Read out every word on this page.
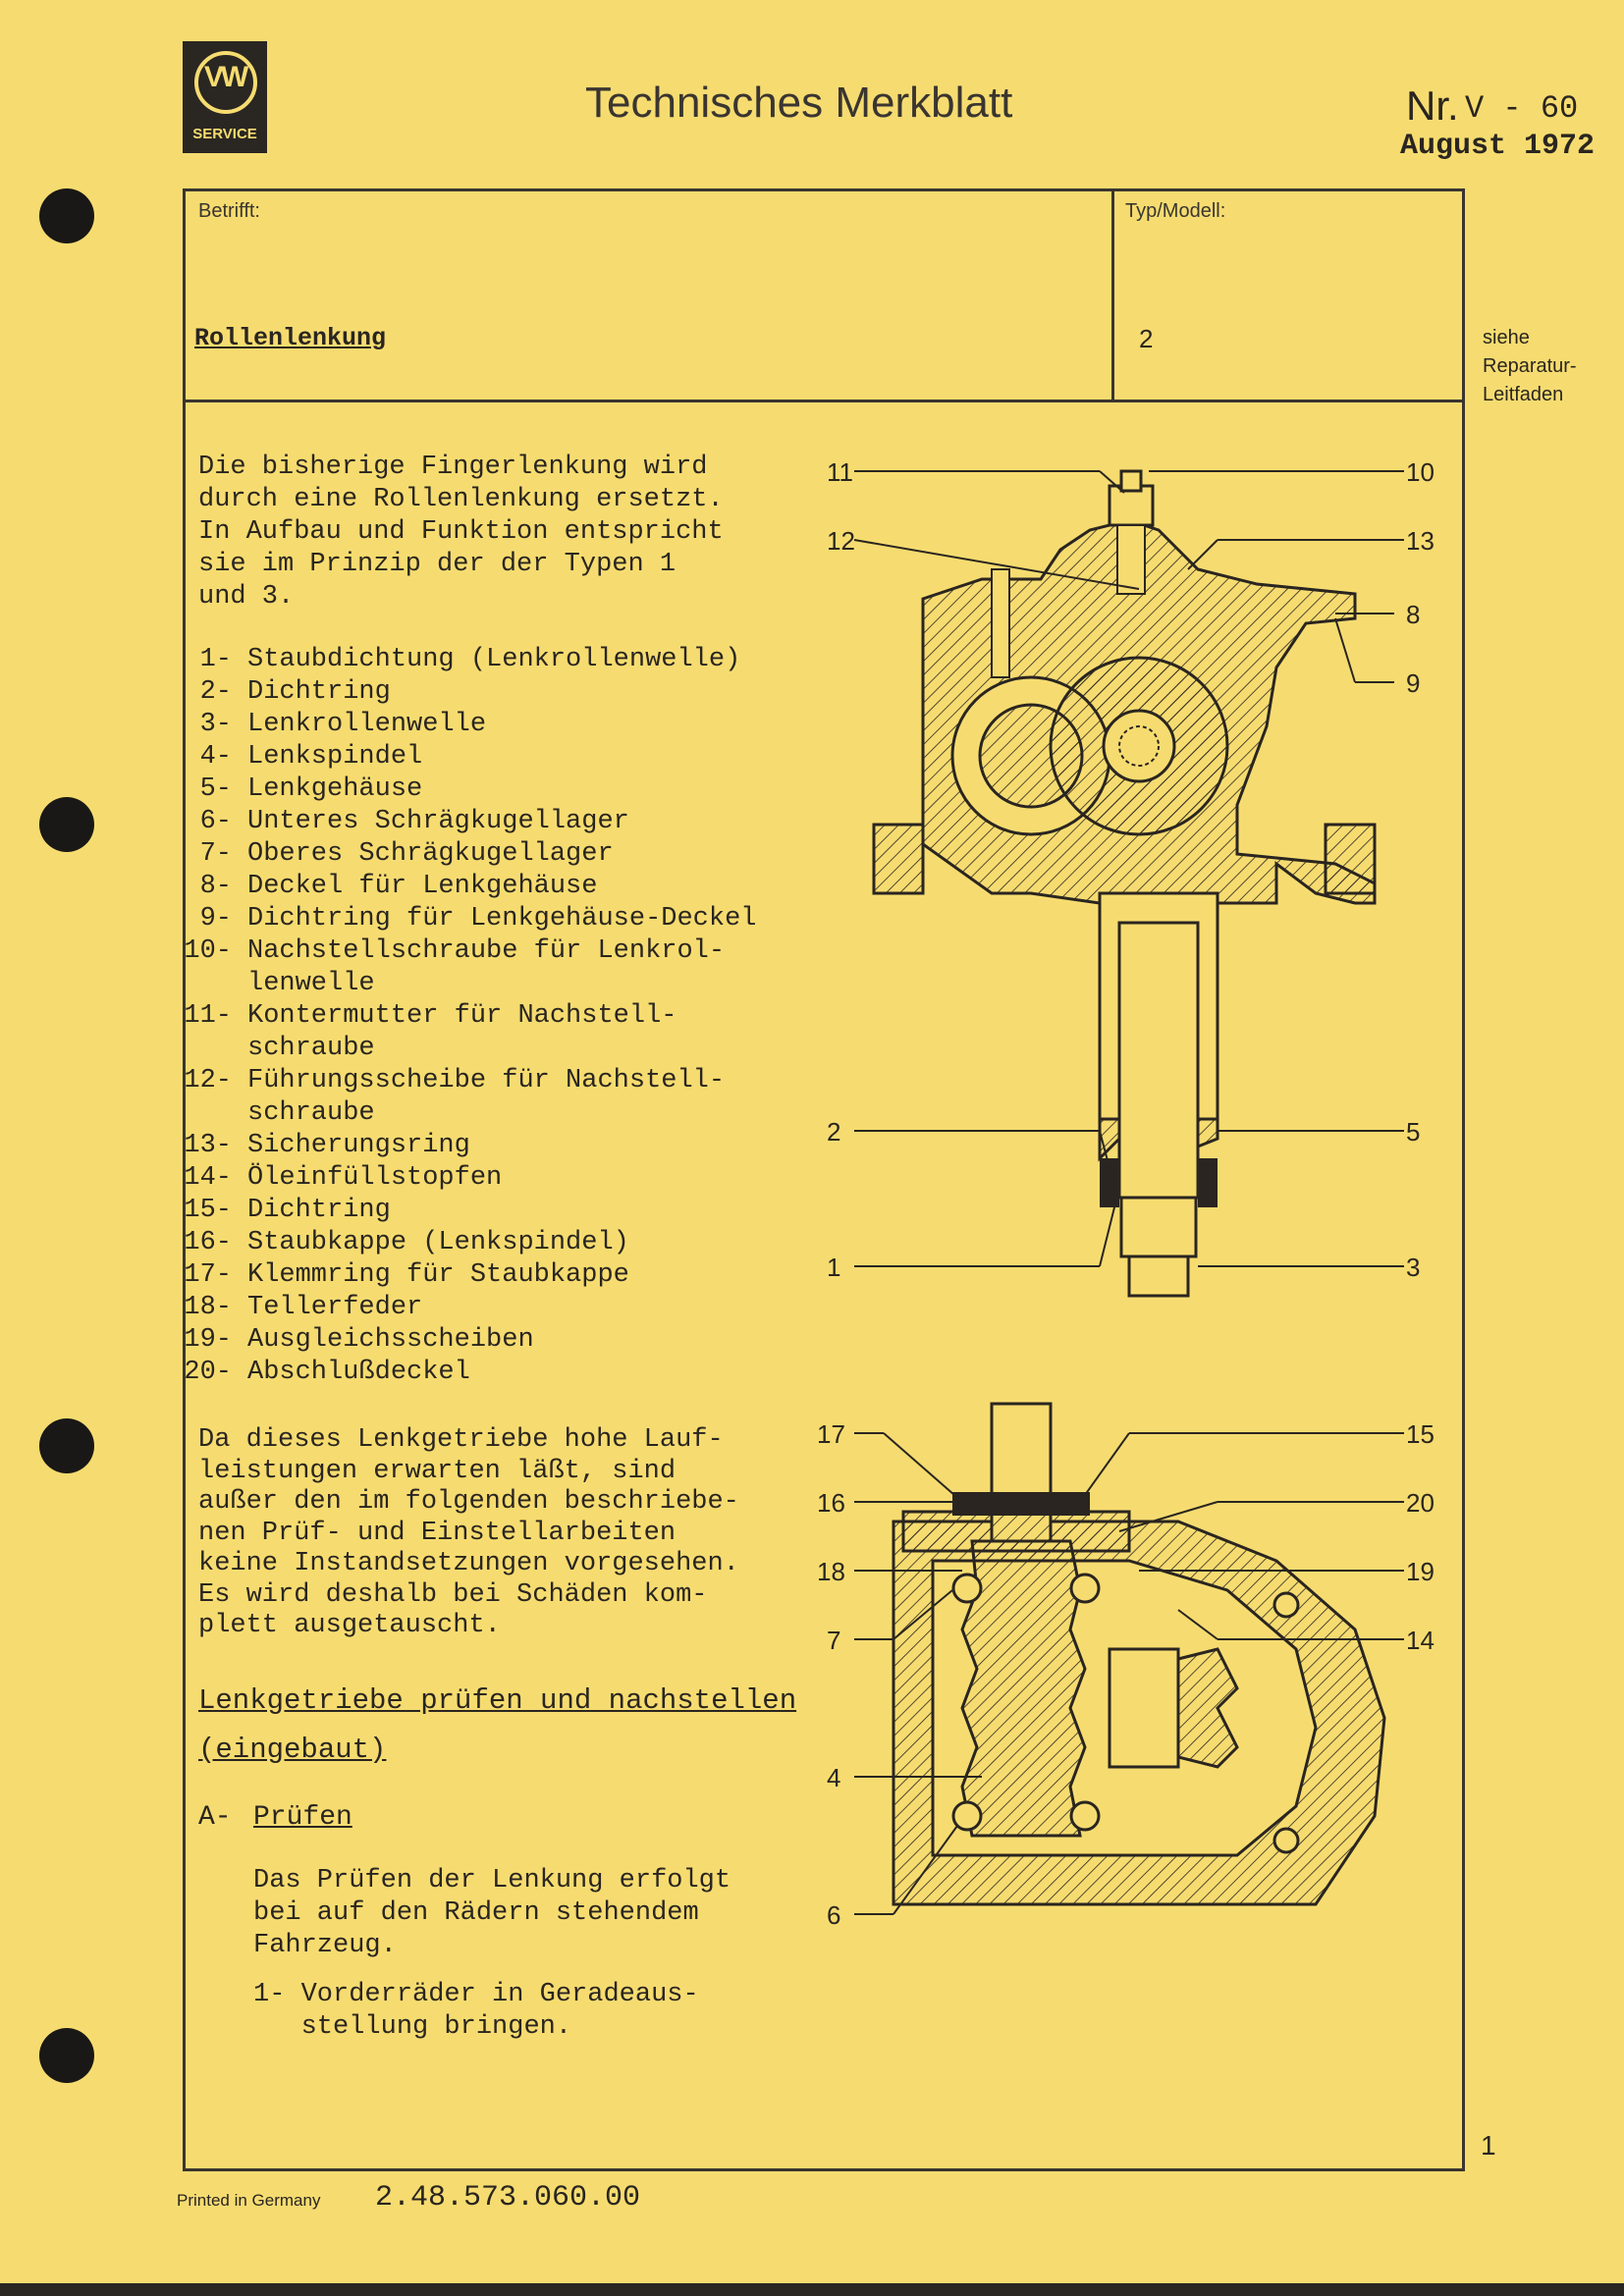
VW
SERVICE
Technisches Merkblatt	Nr. V - 60
August 1972
Betrifft:	Typ/Modell:
Rollenlenkung	2	siehe
Reparatur-
Leitfaden
Die bisherige Fingerlenkung wird
durch eine Rollenlenkung ersetzt.
In Aufbau und Funktion entspricht
sie im Prinzip der der Typen 1
und 3.
1- Staubdichtung (Lenkrollenwelle)
2- Dichtring
3- Lenkrollenwelle
4- Lenkspindel
5- Lenkgehäuse
6- Unteres Schrägkugellager
7- Oberes Schrägkugellager
8- Deckel für Lenkgehäuse
9- Dichtring für Lenkgehäuse-Deckel
10- Nachstellschraube für Lenkrol-
lenwelle
11- Kontermutter für Nachstell-
schraube
12- Führungsscheibe für Nachstell-
schraube
13- Sicherungsring
14- Öleinfüllstopfen
15- Dichtring
16- Staubkappe (Lenkspindel)
17- Klemmring für Staubkappe
18- Tellerfeder
19- Ausgleichsscheiben
20- Abschlußdeckel
Da dieses Lenkgetriebe hohe Lauf-
leistungen erwarten läßt, sind
außer den im folgenden beschriebe-
nen Prüf- und Einstellarbeiten
keine Instandsetzungen vorgesehen.
Es wird deshalb bei Schäden kom-
plett ausgetauscht.
Lenkgetriebe prüfen und nachstellen
(eingebaut)
A- Prüfen
Das Prüfen der Lenkung erfolgt
bei auf den Rädern stehendem
Fahrzeug.
1- Vorderräder in Geradeaus-
stellung bringen.
1
11	10
12	13
8
9
2	5
1	3
17	15
16	20
18	19
7	14
4
6
Printed in Germany 2.48.573.060.00
